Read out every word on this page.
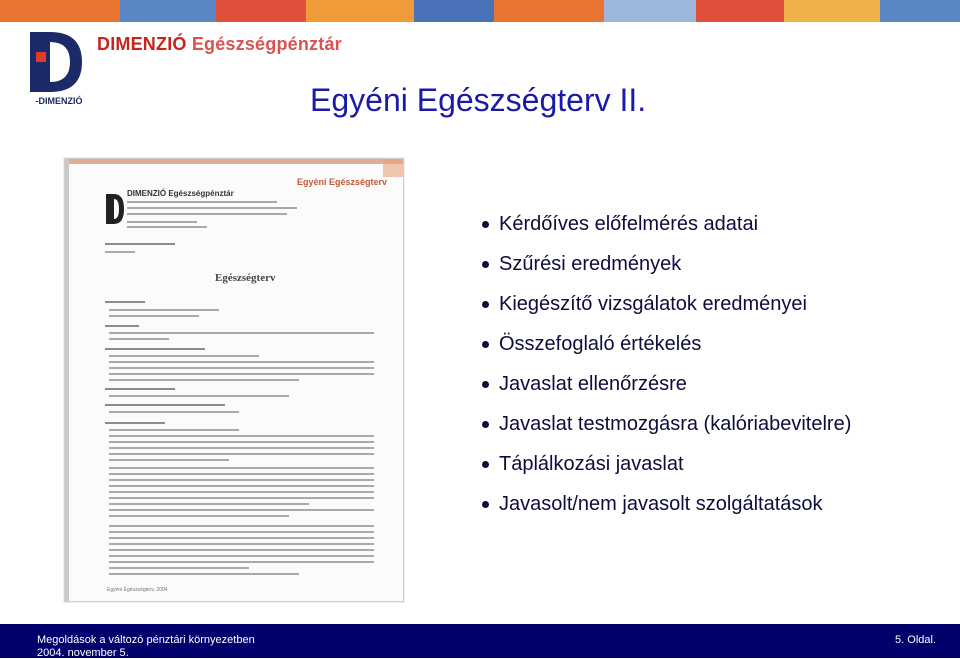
-DIMENZIÓ
DIMENZIÓ Egészségpénztár
Egyéni Egészségterv II.
Egyéni Egészségterv
DIMENZIÓ Egészségpénztár
Egészségterv
Egyéni Egészségterv, 2004
Kérdőíves előfelmérés adatai
Szűrési eredmények
Kiegészítő vizsgálatok eredményei
Összefoglaló értékelés
Javaslat ellenőrzésre
Javaslat testmozgásra (kalóriabevitelre)
Táplálkozási javaslat
Javasolt/nem javasolt szolgáltatások
Megoldások a változó pénztári környezetben
2004. november 5.
5. Oldal.
